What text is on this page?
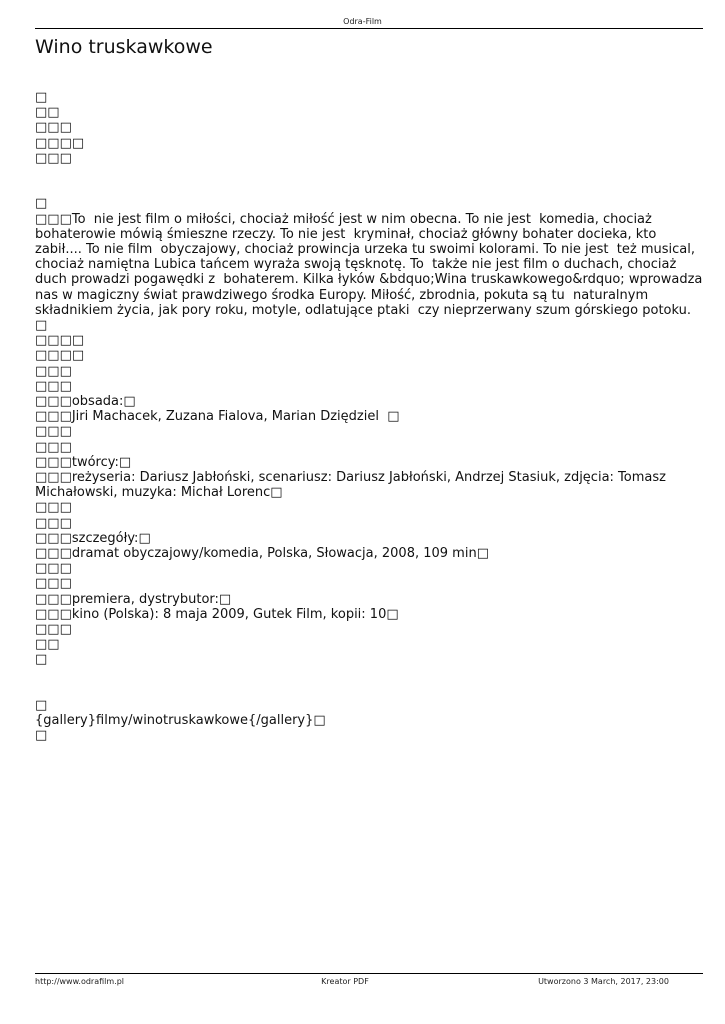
Odra-Film
Wino truskawkowe
□
□□
□□□
□□□□
□□□
□
□□□To  nie jest film o miłości, chociaż miłość jest w nim obecna. To nie jest  komedia, chociaż bohaterowie mówią śmieszne rzeczy. To nie jest  kryminał, chociaż główny bohater docieka, kto zabił.... To nie film  obyczajowy, chociaż prowincja urzeka tu swoimi kolorami. To nie jest  też musical, chociaż namiętna Lubica tańcem wyraża swoją tęsknotę. To  także nie jest film o duchach, chociaż duch prowadzi pogawędki z  bohaterem. Kilka łyków &bdquo;Wina truskawkowego&rdquo; wprowadza nas w magiczny świat prawdziwego środka Europy. Miłość, zbrodnia, pokuta są tu  naturalnym składnikiem życia, jak pory roku, motyle, odlatujące ptaki  czy nieprzerwany szum górskiego potoku. □
□□□□
□□□□
□□□
□□□
□□□obsada:□
□□□Jiri Machacek, Zuzana Fialova, Marian Dziędziel  □
□□□
□□□
□□□twórcy:□
□□□reżyseria: Dariusz Jabłoński, scenariusz: Dariusz Jabłoński, Andrzej Stasiuk, zdjęcia: Tomasz Michałowski, muzyka: Michał Lorenc□
□□□
□□□
□□□szczegóły:□
□□□dramat obyczajowy/komedia, Polska, Słowacja, 2008, 109 min□
□□□
□□□
□□□premiera, dystrybutor:□
□□□kino (Polska): 8 maja 2009, Gutek Film, kopii: 10□
□□□
□□
□
□
{gallery}filmy/winotruskawkowe{/gallery}□
□
http://www.odrafilm.pl	Kreator PDF	Utworzono 3 March, 2017, 23:00
